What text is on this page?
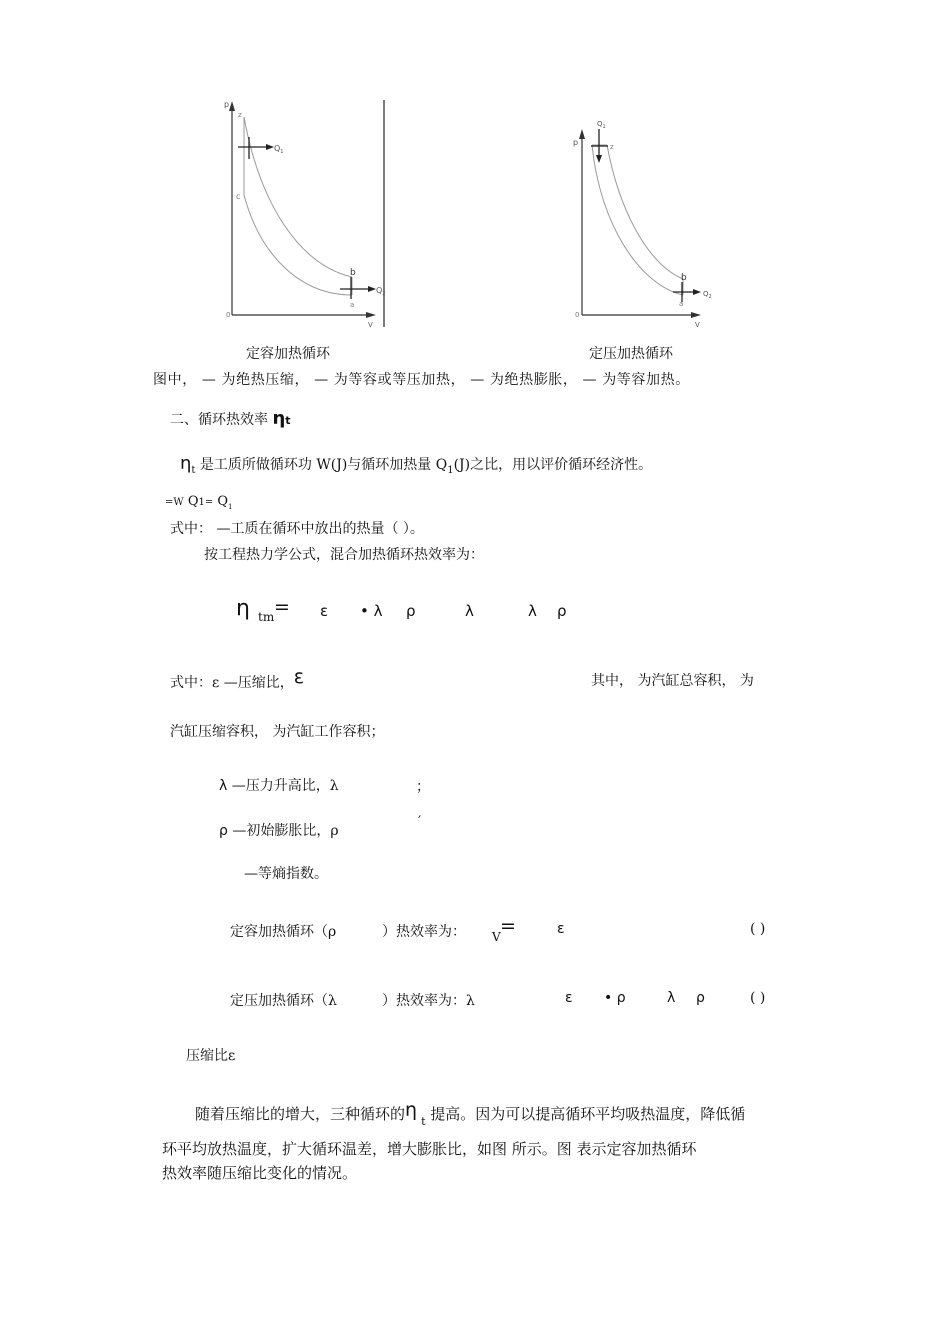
p
z
c
b
a
0
V
$Q_1$
$Q_2$
p
$Q_1$
z
b
a
0
V
$Q_2$
定容加热循环	定压加热循环
图中， — 为绝热压缩， — 为等容或等压加热， — 为绝热膨胀， — 为等容加热。
二、循环热效率 ηt
$\eta_t$ 是工质所做循环功 W(J)与循环加热量 $Q_1(J)$之比，用以评价循环经济性。
=W $Q1= Q_1$
式中： —工质在循环中放出的热量（ ）。
按工程热力学公式，混合加热循环热效率为：
η tm = ε • λ ρ	λ	λ ρ
式中：ε —压缩比，ε	其中， 为汽缸总容积， 为
汽缸压缩容积， 为汽缸工作容积；
λ —压力升高比，λ	；
ρ —初始膨胀比，ρ
′
—等熵指数。
定容加热循环（ρ	）热效率为： V =	ε	( )
定压加热循环（λ	）热效率为：λ	ε • ρ	λ ρ	( )
压缩比ε
随着压缩比的增大，三种循环的$\eta_t$ 提高。因为可以提高循环平均吸热温度，降低循
环平均放热温度，扩大循环温差，增大膨胀比，如图 所示。图 表示定容加热循环
热效率随压缩比变化的情况。
